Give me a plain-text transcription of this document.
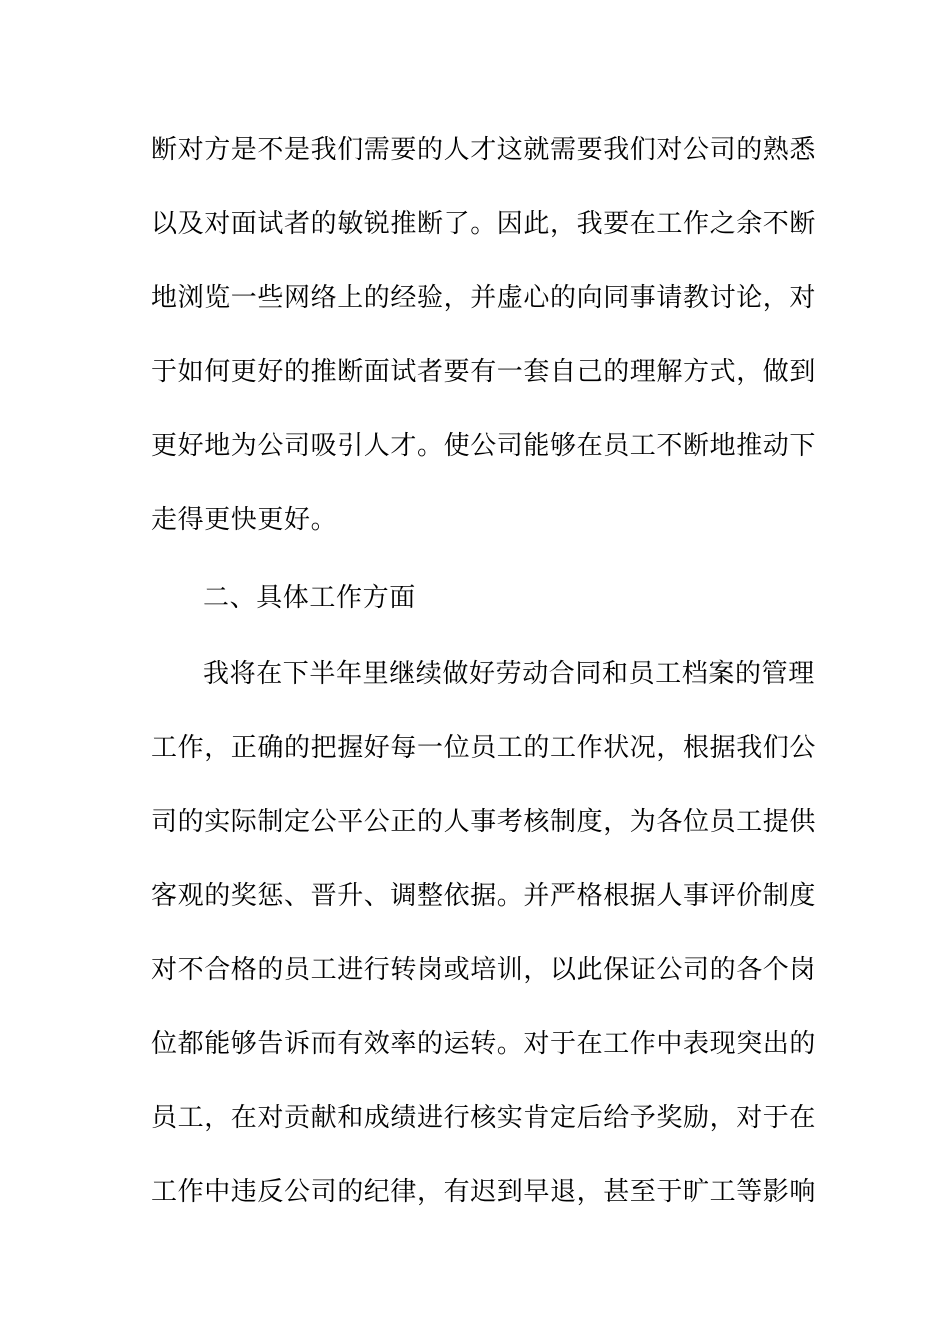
断对方是不是我们需要的人才这就需要我们对公司的熟悉
以及对面试者的敏锐推断了。因此，我要在工作之余不断
地浏览一些网络上的经验，并虚心的向同事请教讨论，对
于如何更好的推断面试者要有一套自己的理解方式，做到
更好地为公司吸引人才。使公司能够在员工不断地推动下
走得更快更好。
二、具体工作方面
我将在下半年里继续做好劳动合同和员工档案的管理
工作，正确的把握好每一位员工的工作状况，根据我们公
司的实际制定公平公正的人事考核制度，为各位员工提供
客观的奖惩、晋升、调整依据。并严格根据人事评价制度
对不合格的员工进行转岗或培训，以此保证公司的各个岗
位都能够告诉而有效率的运转。对于在工作中表现突出的
员工，在对贡献和成绩进行核实肯定后给予奖励，对于在
工作中违反公司的纪律，有迟到早退，甚至于旷工等影响
